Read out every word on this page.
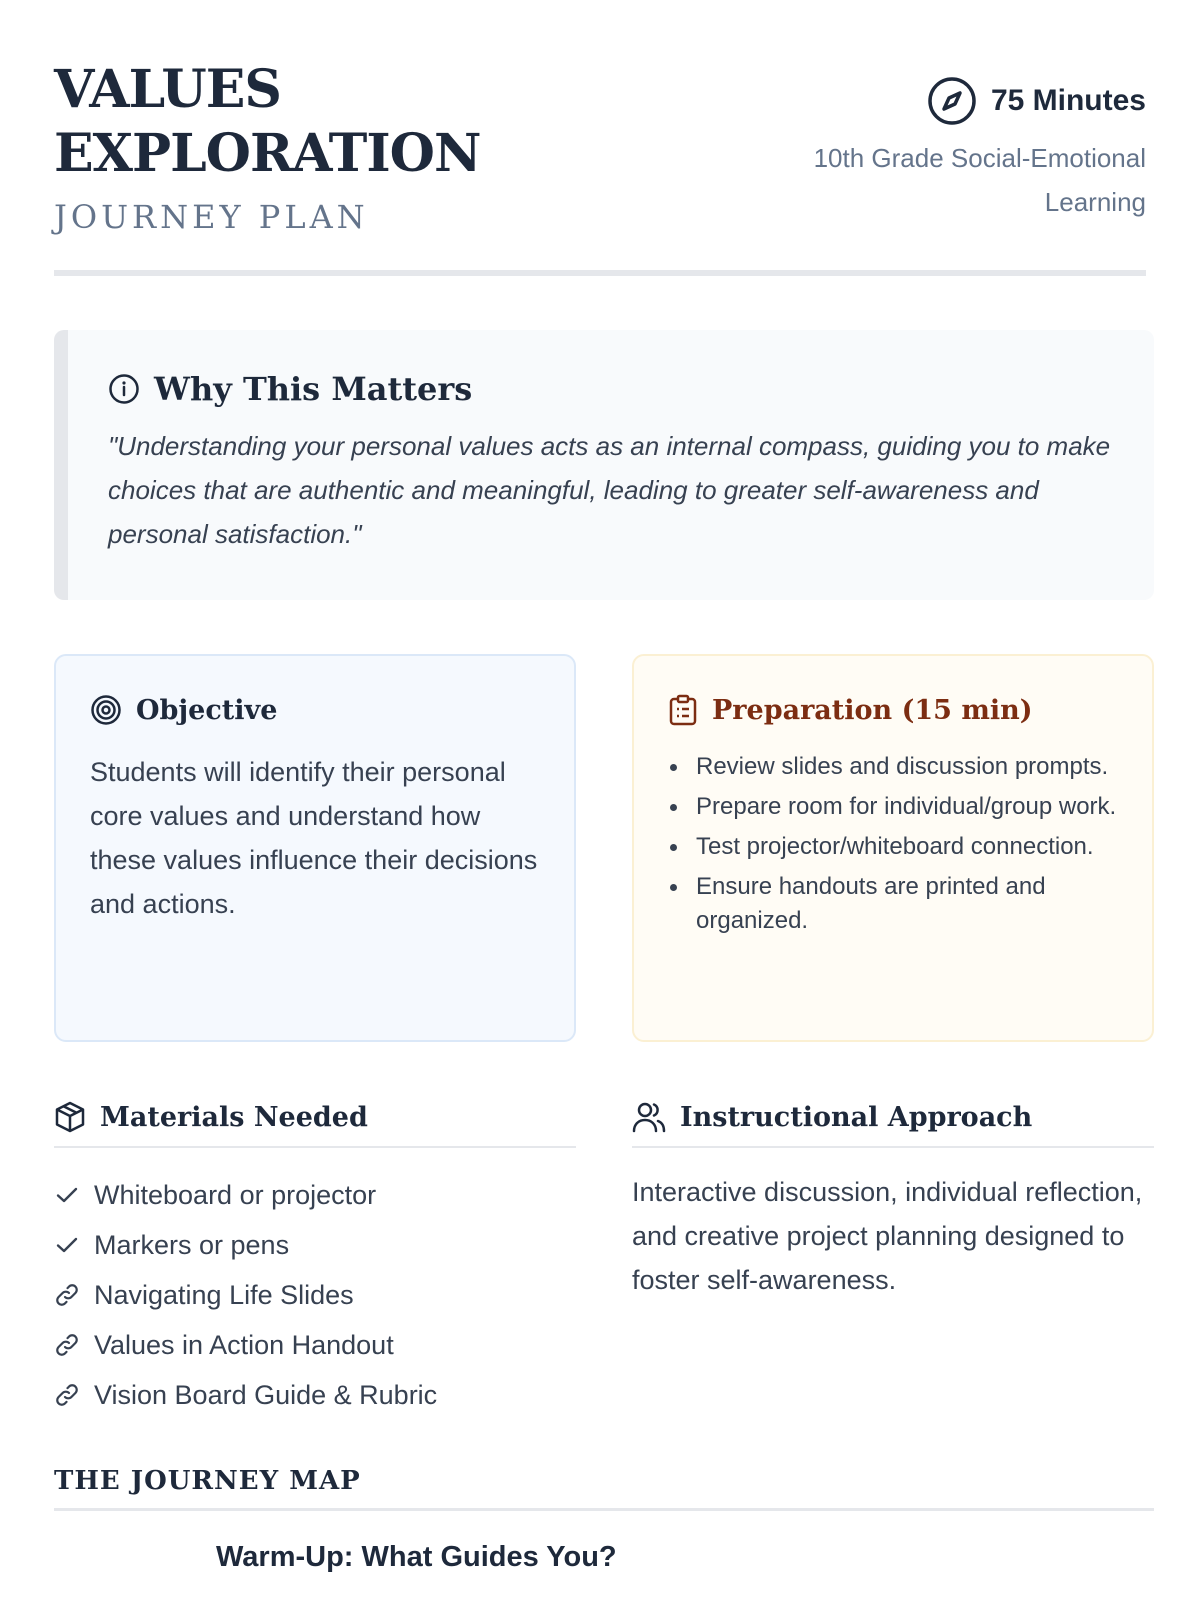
VALUES
EXPLORATION
JOURNEY PLAN
75 Minutes
10th Grade Social-Emotional Learning
Why This Matters

"Understanding your personal values acts as an internal compass, guiding you to make choices that are authentic and meaningful, leading to greater self-awareness and personal satisfaction."

Objective

Students will identify their personal core values and understand how these values influence their decisions and actions.

Preparation (15 min)
Review slides and discussion prompts.
Prepare room for individual/group work.
Test projector/whiteboard connection.
Ensure handouts are printed and organized.
Materials Needed
Whiteboard or projector
Markers or pens
Navigating Life Slides
Values in Action Handout
Vision Board Guide & Rubric
Instructional Approach

Interactive discussion, individual reflection, and creative project planning designed to foster self-awareness.

THE JOURNEY MAP
Warm-Up: What Guides You?
